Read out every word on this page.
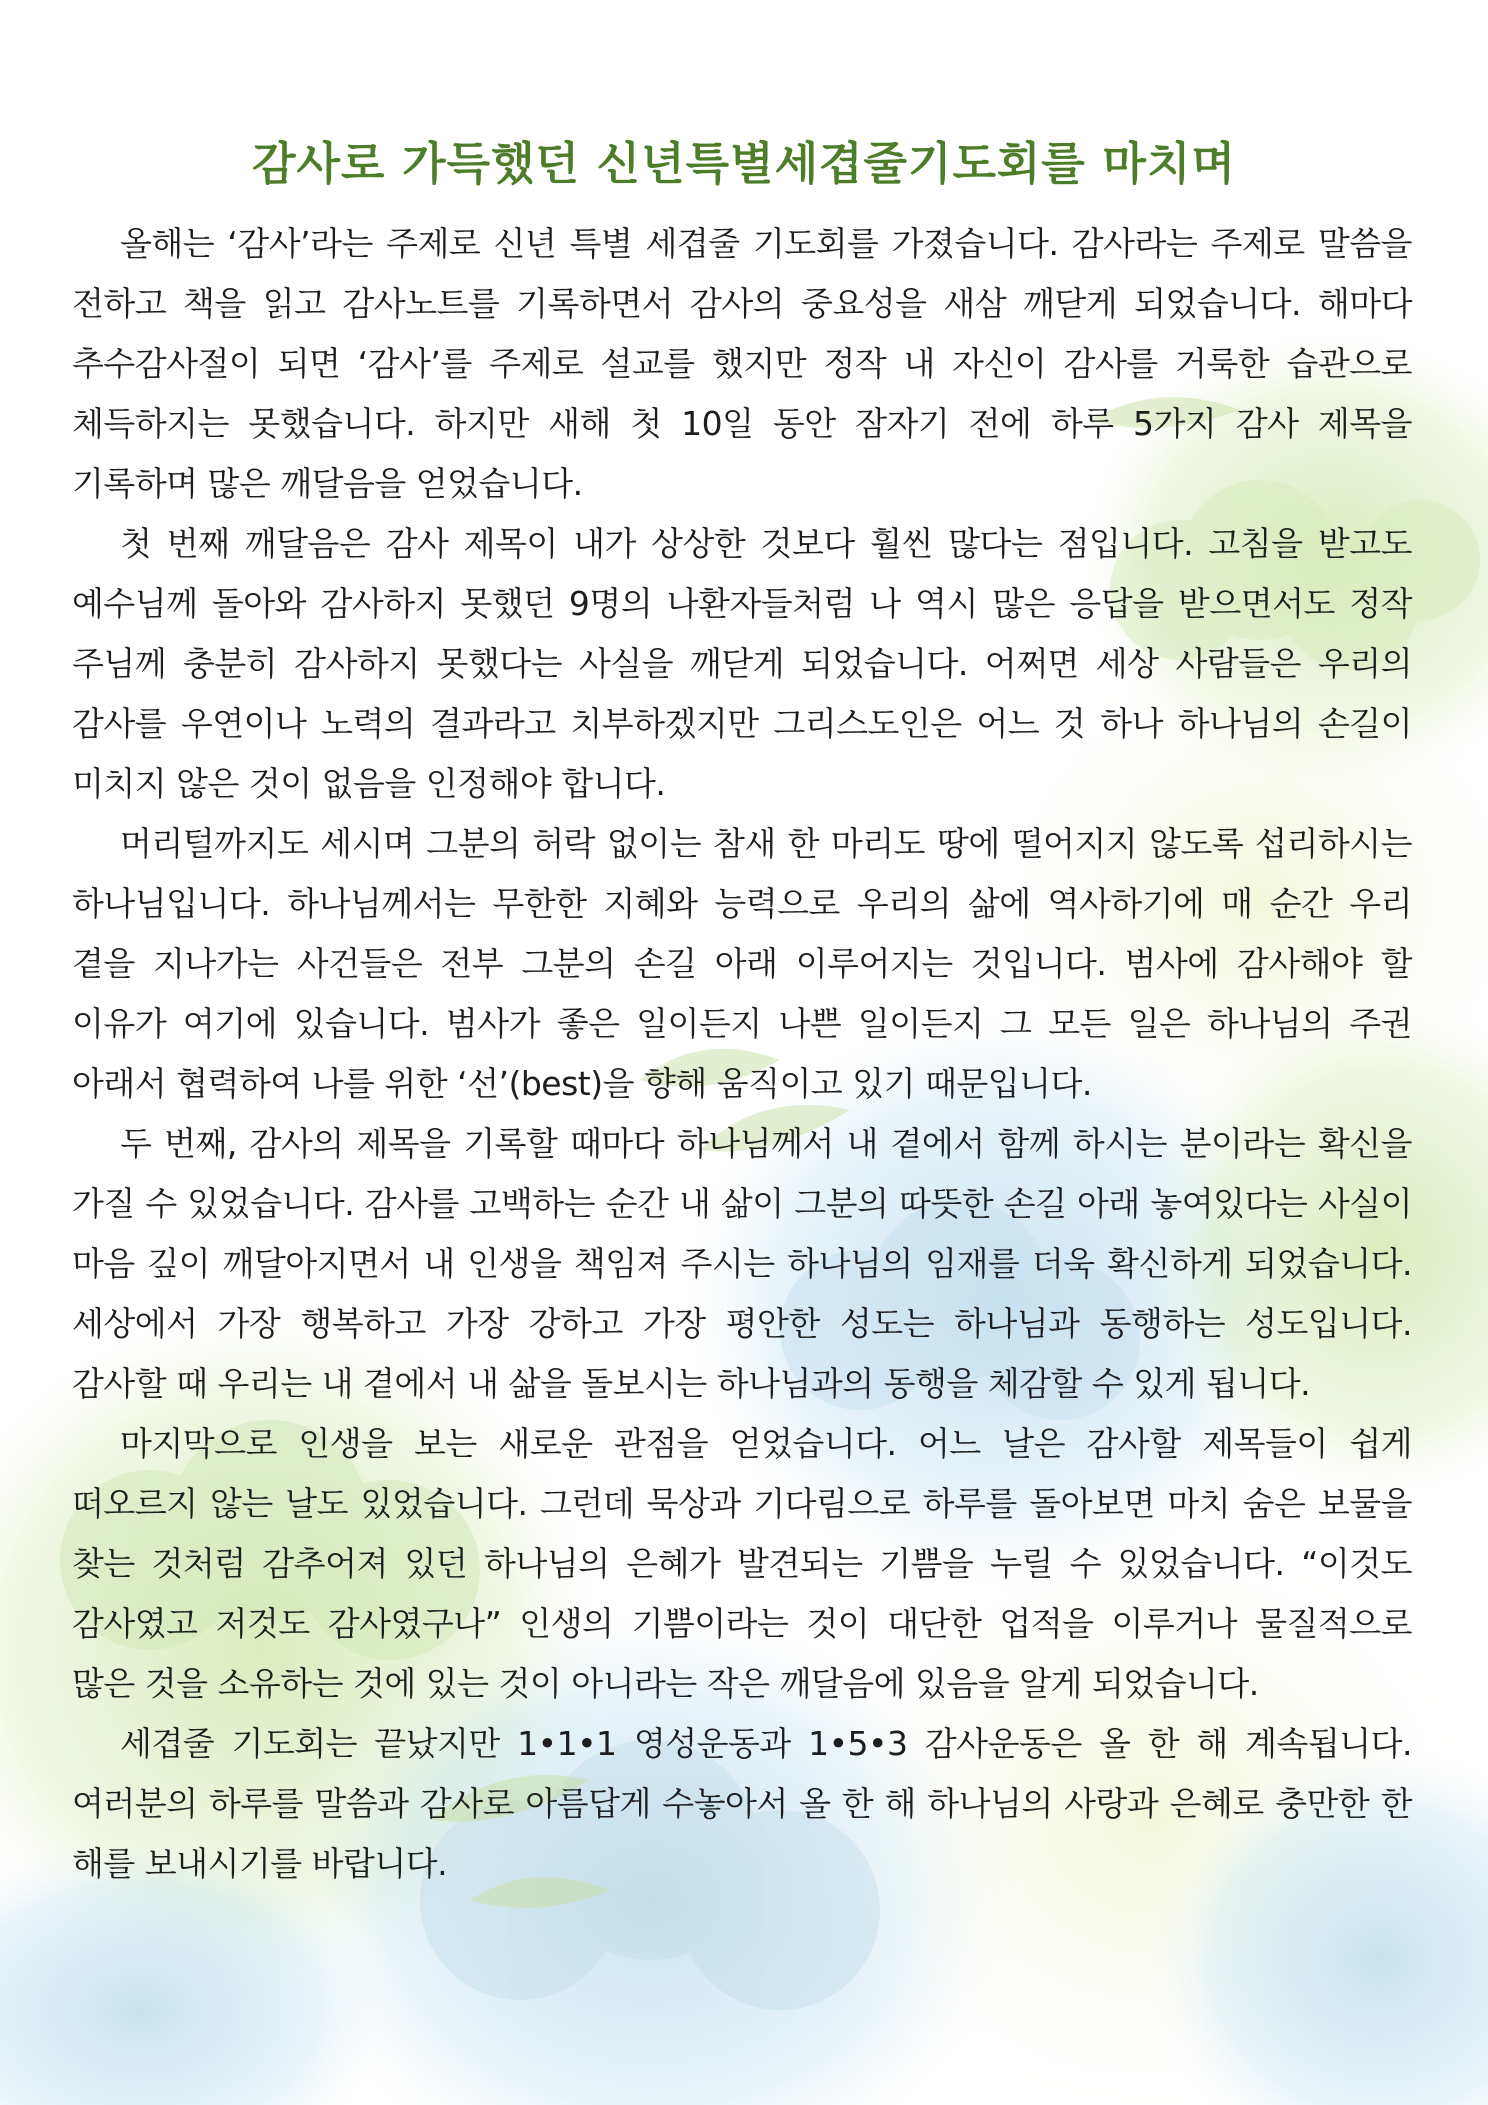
감사로 가득했던 신년특별세겹줄기도회를 마치며

올해는 ‘감사’라는 주제로 신년 특별 세겹줄 기도회를 가졌습니다. 감사라는 주제로 말씀을 전하고 책을 읽고 감사노트를 기록하면서 감사의 중요성을 새삼 깨닫게 되었습니다. 해마다 추수감사절이 되면 ‘감사’를 주제로 설교를 했지만 정작 내 자신이 감사를 거룩한 습관으로 체득하지는 못했습니다. 하지만 새해 첫 10일 동안 잠자기 전에 하루 5가지 감사 제목을 기록하며 많은 깨달음을 얻었습니다.

첫 번째 깨달음은 감사 제목이 내가 상상한 것보다 훨씬 많다는 점입니다. 고침을 받고도 예수님께 돌아와 감사하지 못했던 9명의 나환자들처럼 나 역시 많은 응답을 받으면서도 정작 주님께 충분히 감사하지 못했다는 사실을 깨닫게 되었습니다. 어쩌면 세상 사람들은 우리의 감사를 우연이나 노력의 결과라고 치부하겠지만 그리스도인은 어느 것 하나 하나님의 손길이 미치지 않은 것이 없음을 인정해야 합니다.

머리털까지도 세시며 그분의 허락 없이는 참새 한 마리도 땅에 떨어지지 않도록 섭리하시는 하나님입니다. 하나님께서는 무한한 지혜와 능력으로 우리의 삶에 역사하기에 매 순간 우리 곁을 지나가는 사건들은 전부 그분의 손길 아래 이루어지는 것입니다. 범사에 감사해야 할 이유가 여기에 있습니다. 범사가 좋은 일이든지 나쁜 일이든지 그 모든 일은 하나님의 주권 아래서 협력하여 나를 위한 ‘선’(best)을 향해 움직이고 있기 때문입니다.

두 번째, 감사의 제목을 기록할 때마다 하나님께서 내 곁에서 함께 하시는 분이라는 확신을 가질 수 있었습니다. 감사를 고백하는 순간 내 삶이 그분의 따뜻한 손길 아래 놓여있다는 사실이 마음 깊이 깨달아지면서 내 인생을 책임져 주시는 하나님의 임재를 더욱 확신하게 되었습니다. 세상에서 가장 행복하고 가장 강하고 가장 평안한 성도는 하나님과 동행하는 성도입니다. 감사할 때 우리는 내 곁에서 내 삶을 돌보시는 하나님과의 동행을 체감할 수 있게 됩니다.

마지막으로 인생을 보는 새로운 관점을 얻었습니다. 어느 날은 감사할 제목들이 쉽게 떠오르지 않는 날도 있었습니다. 그런데 묵상과 기다림으로 하루를 돌아보면 마치 숨은 보물을 찾는 것처럼 감추어져 있던 하나님의 은혜가 발견되는 기쁨을 누릴 수 있었습니다. “이것도 감사였고 저것도 감사였구나” 인생의 기쁨이라는 것이 대단한 업적을 이루거나 물질적으로 많은 것을 소유하는 것에 있는 것이 아니라는 작은 깨달음에 있음을 알게 되었습니다.

세겹줄 기도회는 끝났지만 1•1•1 영성운동과 1•5•3 감사운동은 올 한 해 계속됩니다. 여러분의 하루를 말씀과 감사로 아름답게 수놓아서 올 한 해 하나님의 사랑과 은혜로 충만한 한 해를 보내시기를 바랍니다.
